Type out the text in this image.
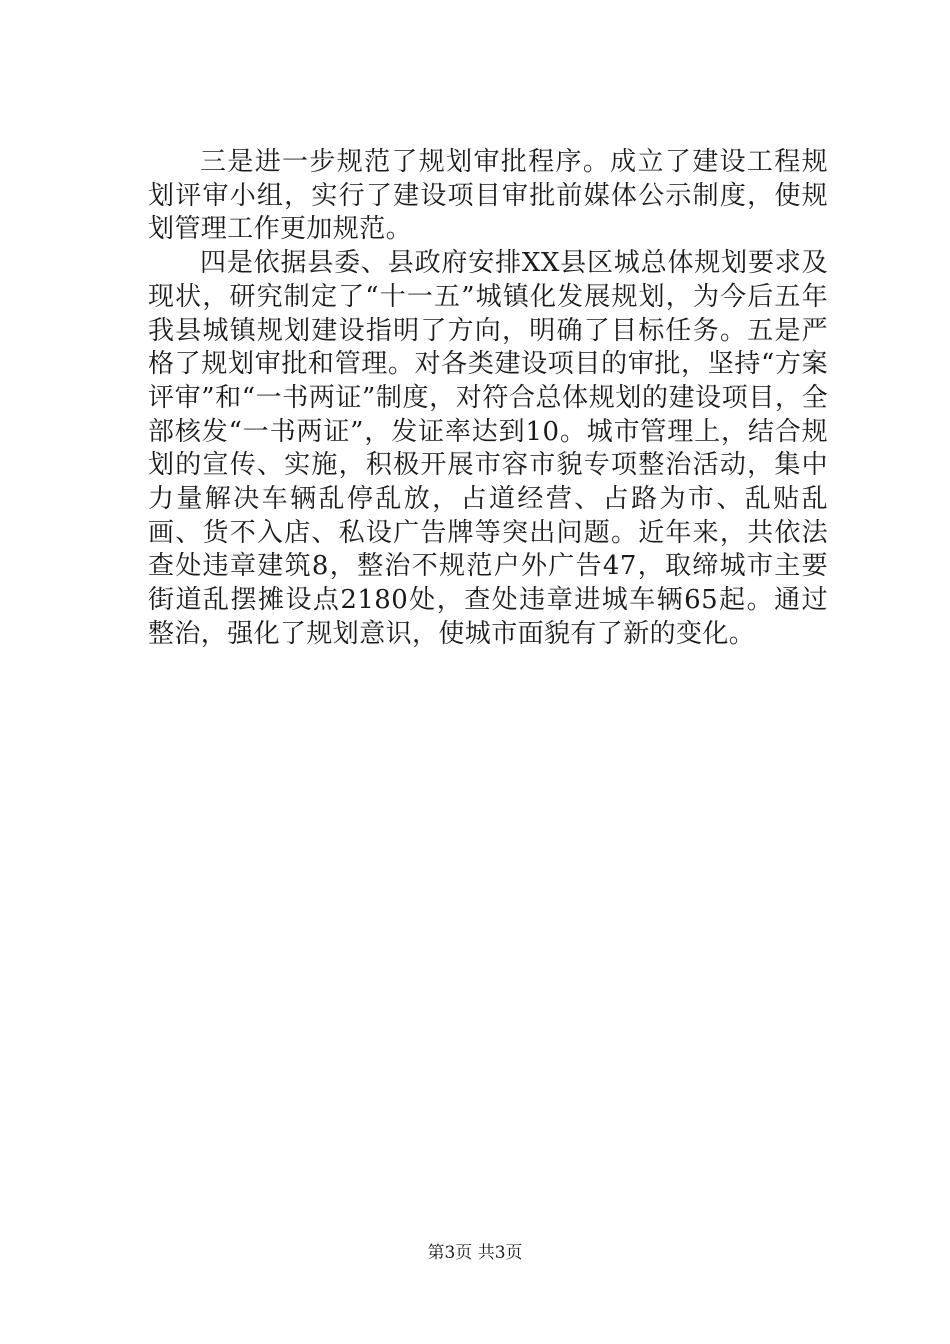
三是进一步规范了规划审批程序。成立了建设工程规划评审小组，实行了建设项目审批前媒体公示制度，使规划管理工作更加规范。

四是依据县委、县政府安排XX县区城总体规划要求及现状，研究制定了“十一五”城镇化发展规划，为今后五年我县城镇规划建设指明了方向，明确了目标任务。五是严格了规划审批和管理。对各类建设项目的审批，坚持“方案评审”和“一书两证”制度，对符合总体规划的建设项目，全部核发“一书两证”，发证率达到10。城市管理上，结合规划的宣传、实施，积极开展市容市貌专项整治活动，集中力量解决车辆乱停乱放，占道经营、占路为市、乱贴乱画、货不入店、私设广告牌等突出问题。近年来，共依法查处违章建筑8，整治不规范户外广告47，取缔城市主要街道乱摆摊设点2180处，查处违章进城车辆65起。通过整治，强化了规划意识，使城市面貌有了新的变化。

第3页 共3页
